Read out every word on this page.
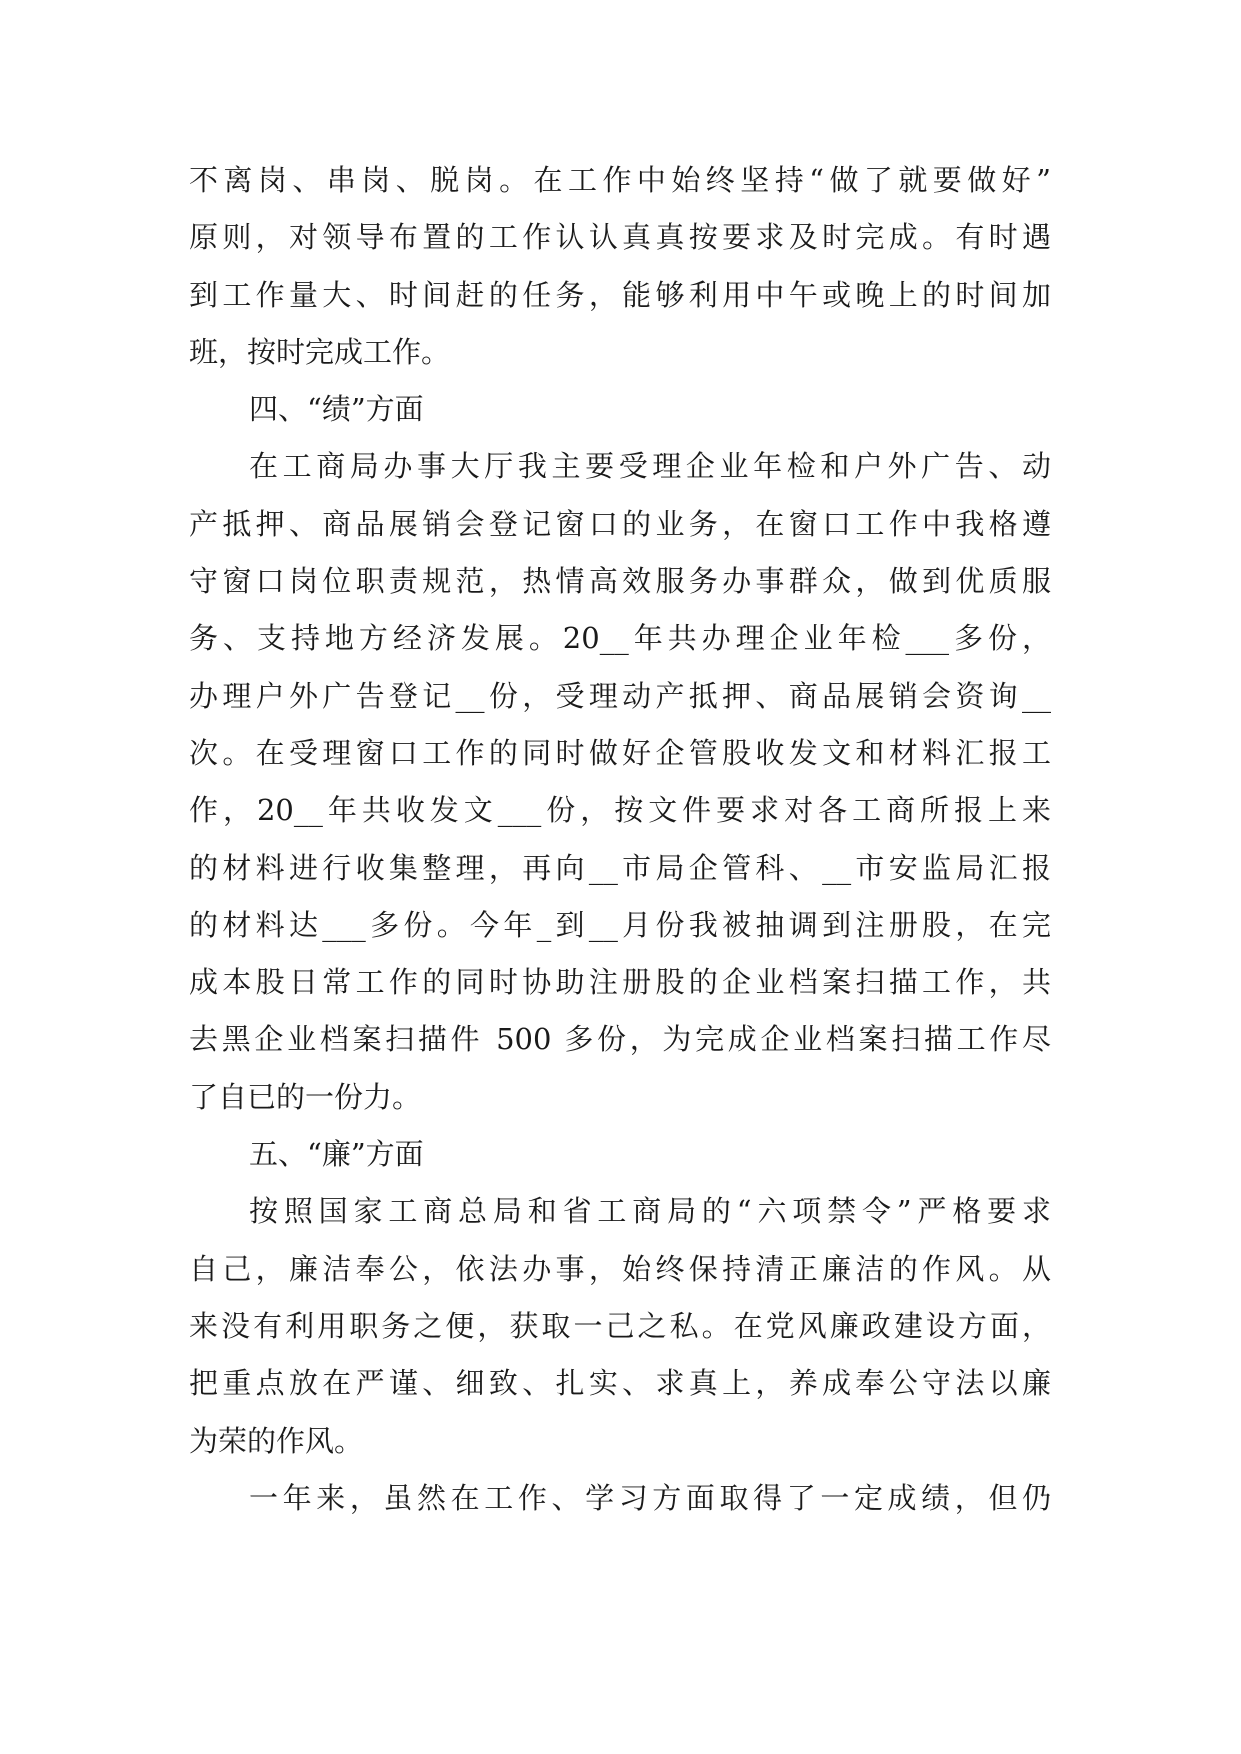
不离岗、串岗、脱岗。在工作中始终坚持“做了就要做好”
原则，对领导布置的工作认认真真按要求及时完成。有时遇
到工作量大、时间赶的任务，能够利用中午或晚上的时间加
班，按时完成工作。
四、“绩”方面
在工商局办事大厅我主要受理企业年检和户外广告、动
产抵押、商品展销会登记窗口的业务，在窗口工作中我格遵
守窗口岗位职责规范，热情高效服务办事群众，做到优质服
务、支持地方经济发展。20__年共办理企业年检___多份，
办理户外广告登记__份，受理动产抵押、商品展销会资询__
次。在受理窗口工作的同时做好企管股收发文和材料汇报工
作，20__年共收发文___份，按文件要求对各工商所报上来
的材料进行收集整理，再向__市局企管科、__市安监局汇报
的材料达___多份。今年_到__月份我被抽调到注册股，在完
成本股日常工作的同时协助注册股的企业档案扫描工作，共
去黑企业档案扫描件 500 多份，为完成企业档案扫描工作尽
了自已的一份力。
五、“廉”方面
按照国家工商总局和省工商局的“六项禁令”严格要求
自己，廉洁奉公，依法办事，始终保持清正廉洁的作风。从
来没有利用职务之便，获取一己之私。在党风廉政建设方面，
把重点放在严谨、细致、扎实、求真上，养成奉公守法以廉
为荣的作风。
一年来，虽然在工作、学习方面取得了一定成绩，但仍
